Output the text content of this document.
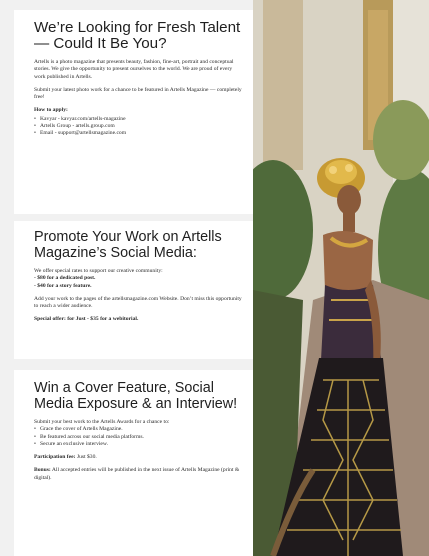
We’re Looking for Fresh Talent — Could It Be You?

Artells is a photo magazine that presents beauty, fashion, fine-art, portrait and conceptual stories. We give the opportunity to present ourselves to the world. We are proud of every work published in Artells.

Submit your latest photo work for a chance to be featured in Artells Magazine — completely free!

How to apply:

• Kavyar - kavyar.com/artells-magazine
• Artells Group - artells.group.com
• Email - support@artellsmagazine.com
Promote Your Work on Artells Magazine’s Social Media:

We offer special rates to support our creative community:

- $80 for a dedicated post.

- $40 for a story feature.

Add your work to the pages of the artellsmagazine.com Website. Don’t miss this opportunity to reach a wider audience.

Special offer: for Just - $35 for a webitorial.

Win a Cover Feature, Social Media Exposure & an Interview!

Submit your best work to the Artells Awards for a chance to:

• Grace the cover of Artells Magazine.
• Be featured across our social media platforms.
• Secure an exclusive interview.

Participation fee: Just $30.

Bonus: All accepted entries will be published in the next issue of Artells Magazine (print & digital).
